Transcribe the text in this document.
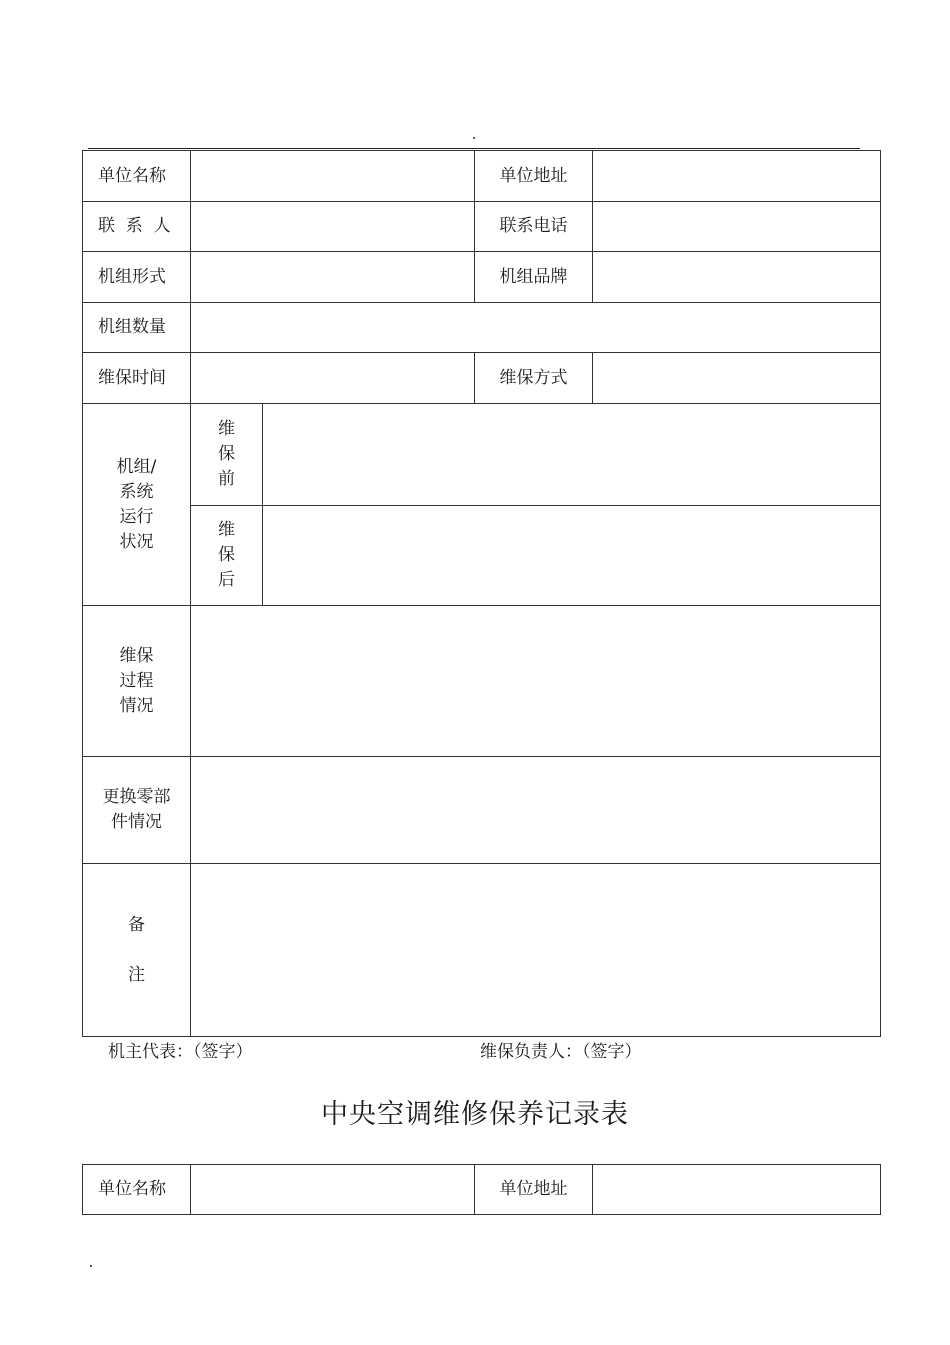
单位名称			单位地址	
联  系  人			联系电话	
机组形式			机组品牌	
机组数量				
维保时间			维保方式	
机组/
系统
运行
状况	维保前			
	维保后			
维保
过程
情况				
更换零部
件情况				
备

注				
机主代表：（签字）	维保负责人：（签字）
中央空调维修保养记录表
单位名称		单位地址	
